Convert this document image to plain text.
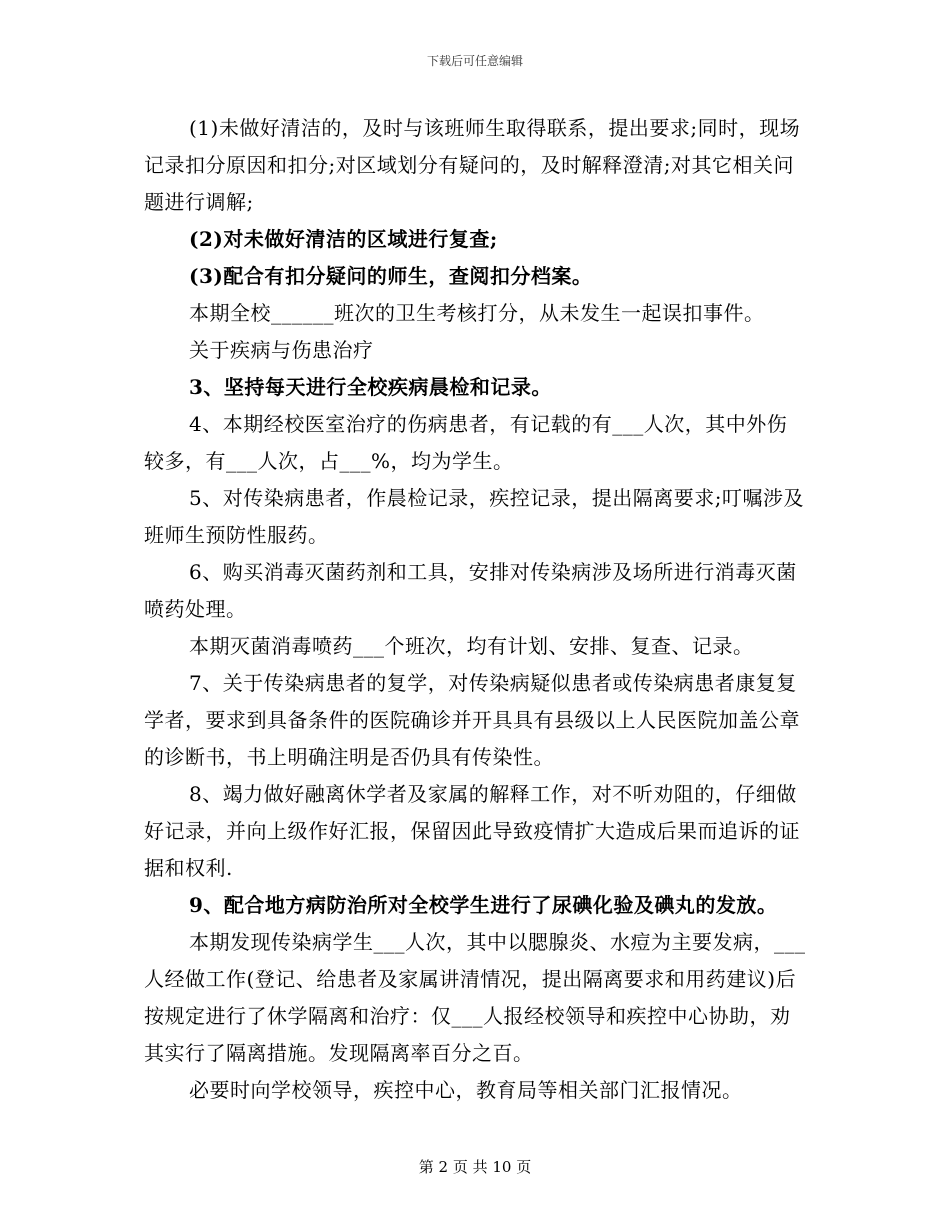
下载后可任意编辑

(1)未做好清洁的，及时与该班师生取得联系，提出要求;同时，现场记录扣分原因和扣分;对区域划分有疑问的，及时解释澄清;对其它相关问题进行调解;

(2)对未做好清洁的区域进行复查;

(3)配合有扣分疑问的师生，查阅扣分档案。

本期全校______班次的卫生考核打分，从未发生一起误扣事件。

关于疾病与伤患治疗

3、坚持每天进行全校疾病晨检和记录。

4、本期经校医室治疗的伤病患者，有记载的有___人次，其中外伤较多，有___人次，占___%，均为学生。

5、对传染病患者，作晨检记录，疾控记录，提出隔离要求;叮嘱涉及班师生预防性服药。

6、购买消毒灭菌药剂和工具，安排对传染病涉及场所进行消毒灭菌喷药处理。

本期灭菌消毒喷药___个班次，均有计划、安排、复查、记录。

7、关于传染病患者的复学，对传染病疑似患者或传染病患者康复复学者，要求到具备条件的医院确诊并开具具有县级以上人民医院加盖公章的诊断书，书上明确注明是否仍具有传染性。

8、竭力做好融离休学者及家属的解释工作，对不听劝阻的，仔细做好记录，并向上级作好汇报，保留因此导致疫情扩大造成后果而追诉的证据和权利.

9、配合地方病防治所对全校学生进行了尿碘化验及碘丸的发放。

本期发现传染病学生___人次，其中以腮腺炎、水痘为主要发病，___人经做工作(登记、给患者及家属讲清情况，提出隔离要求和用药建议)后按规定进行了休学隔离和治疗：仅___人报经校领导和疾控中心协助，劝其实行了隔离措施。发现隔离率百分之百。

必要时向学校领导，疾控中心，教育局等相关部门汇报情况。

第 2 页 共 10 页
